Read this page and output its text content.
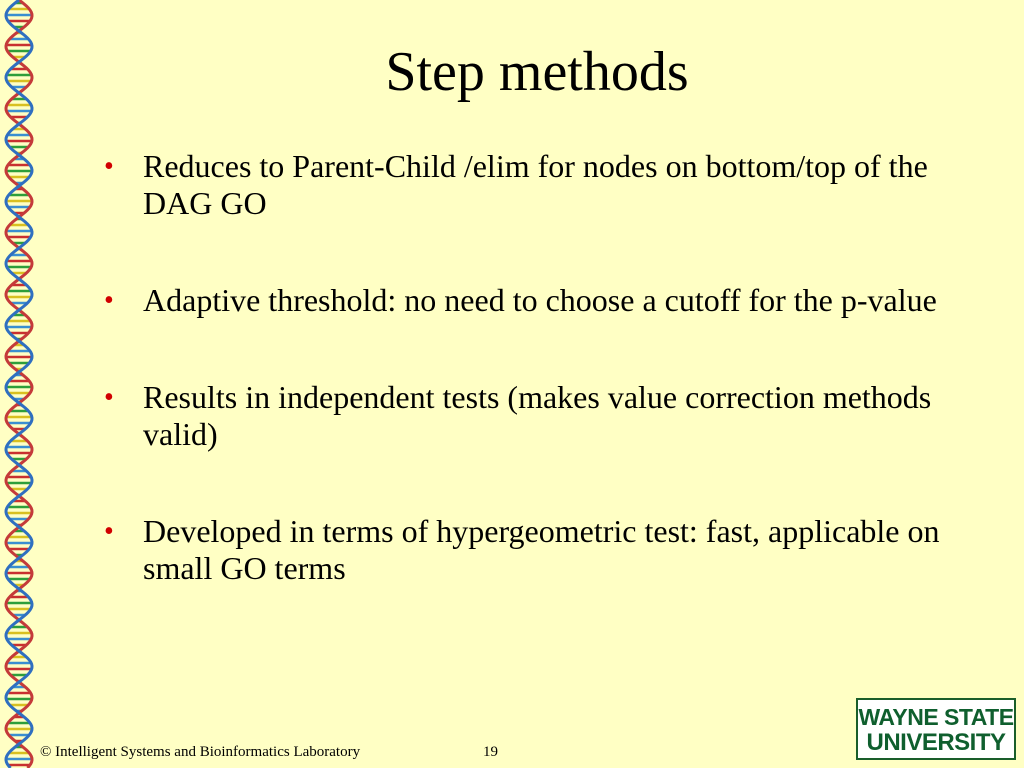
Step methods
• Reduces to Parent-Child /elim for nodes on bottom/top of the DAG GO
• Adaptive threshold: no need to choose a cutoff for the p-value
• Results in independent tests (makes value correction methods valid)
• Developed in terms of hypergeometric test: fast, applicable on small GO terms
© Intelligent Systems and Bioinformatics Laboratory	19
WAYNE STATE
UNIVERSITY
